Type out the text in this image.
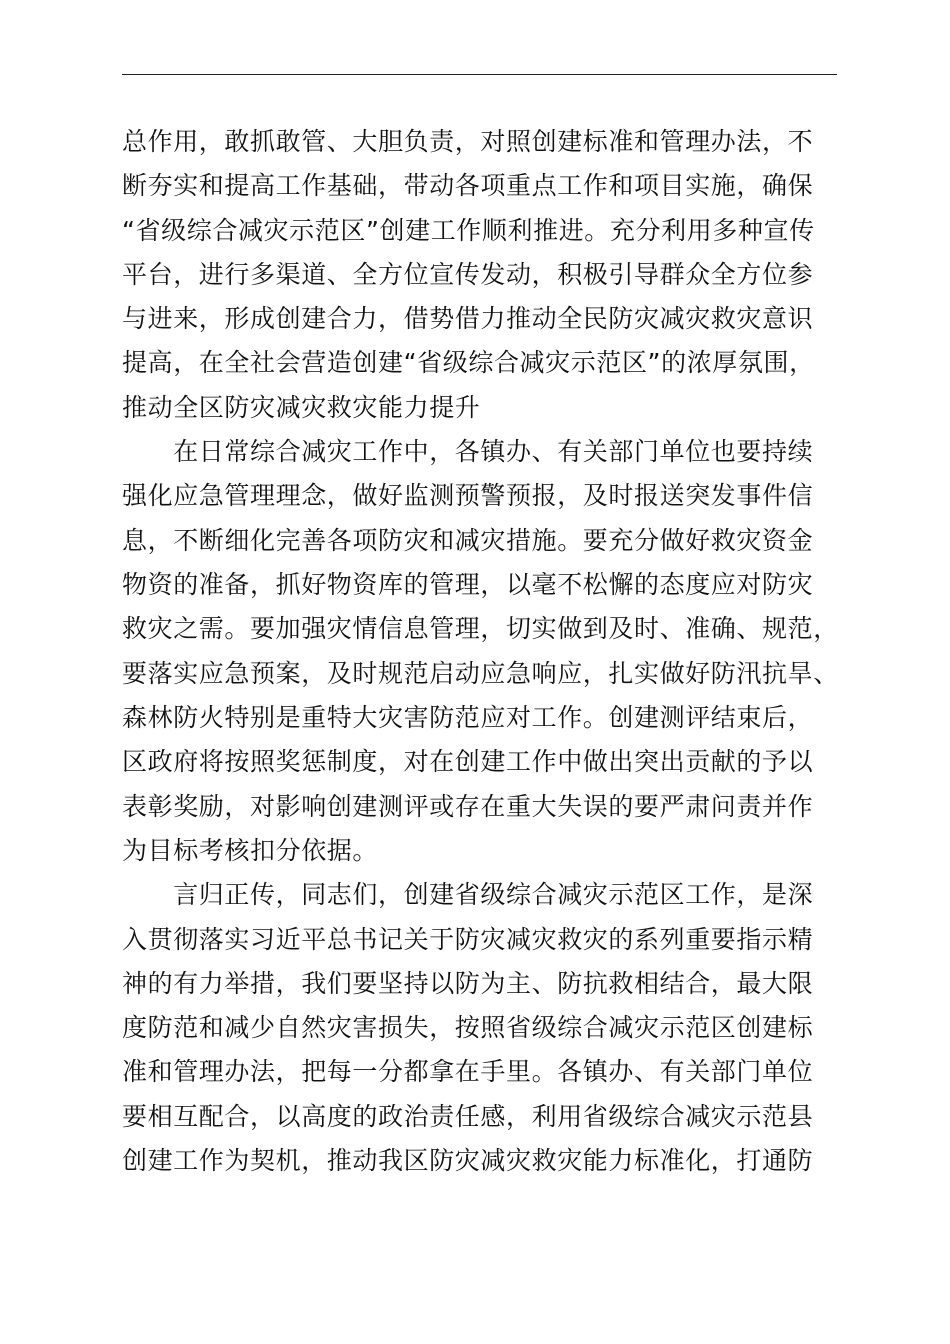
总作用，敢抓敢管、大胆负责，对照创建标准和管理办法，不
断夯实和提高工作基础，带动各项重点工作和项目实施，确保
“省级综合减灾示范区”创建工作顺利推进。充分利用多种宣传
平台，进行多渠道、全方位宣传发动，积极引导群众全方位参
与进来，形成创建合力，借势借力推动全民防灾减灾救灾意识
提高，在全社会营造创建“省级综合减灾示范区”的浓厚氛围，
推动全区防灾减灾救灾能力提升
　　在日常综合减灾工作中，各镇办、有关部门单位也要持续
强化应急管理理念，做好监测预警预报，及时报送突发事件信
息，不断细化完善各项防灾和减灾措施。要充分做好救灾资金
物资的准备，抓好物资库的管理，以毫不松懈的态度应对防灾
救灾之需。要加强灾情信息管理，切实做到及时、准确、规范，
要落实应急预案，及时规范启动应急响应，扎实做好防汛抗旱、
森林防火特别是重特大灾害防范应对工作。创建测评结束后，
区政府将按照奖惩制度，对在创建工作中做出突出贡献的予以
表彰奖励，对影响创建测评或存在重大失误的要严肃问责并作
为目标考核扣分依据。
　　言归正传，同志们，创建省级综合减灾示范区工作，是深
入贯彻落实习近平总书记关于防灾减灾救灾的系列重要指示精
神的有力举措，我们要坚持以防为主、防抗救相结合，最大限
度防范和减少自然灾害损失，按照省级综合减灾示范区创建标
准和管理办法，把每一分都拿在手里。各镇办、有关部门单位
要相互配合，以高度的政治责任感，利用省级综合减灾示范县
创建工作为契机，推动我区防灾减灾救灾能力标准化，打通防
